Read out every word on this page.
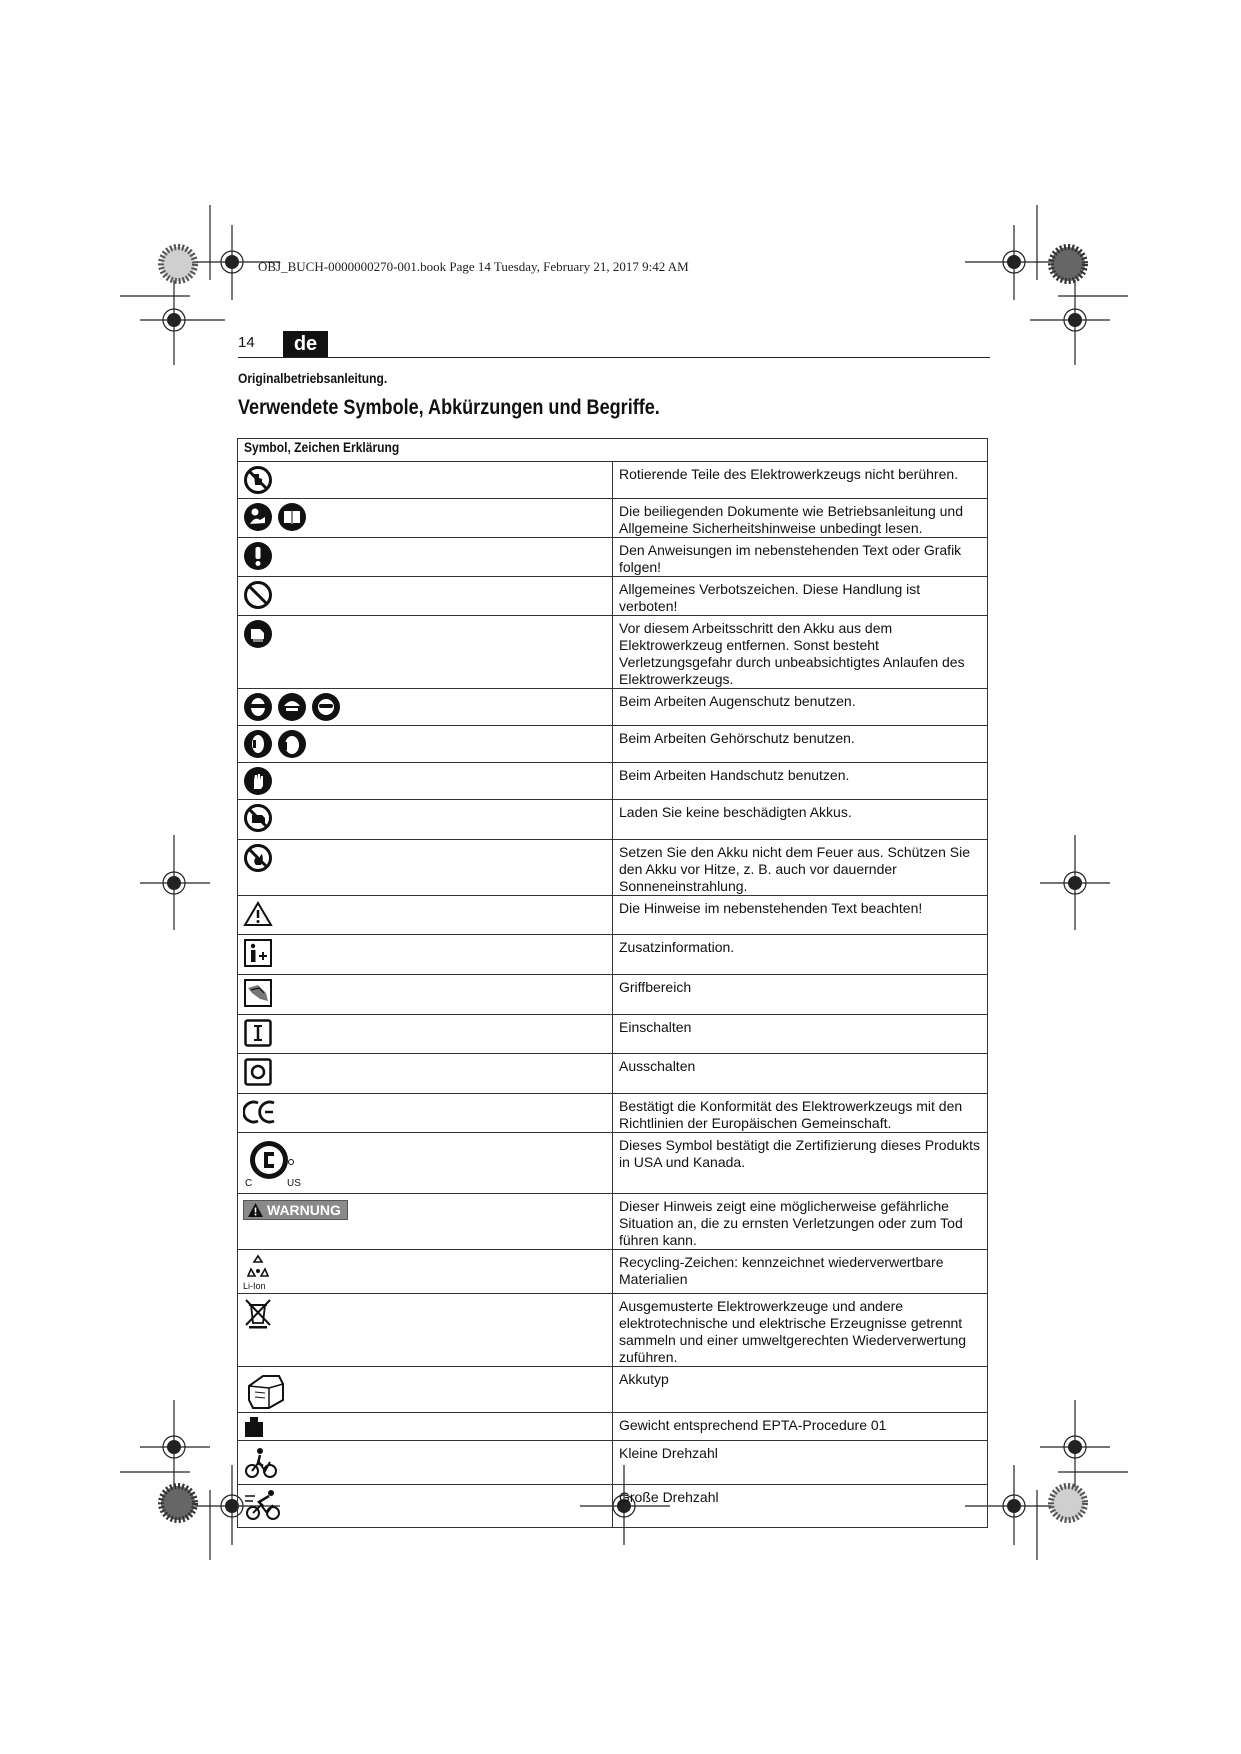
OBJ_BUCH-0000000270-001.book Page 14 Tuesday, February 21, 2017 9:42 AM
14	de
Originalbetriebsanleitung.
Verwendete Symbole, Abkürzungen und Begriffe.
Symbol, Zeichen Erklärung	

	Rotierende Teile des Elektrowerkzeugs nicht berühren.

	Die beiliegenden Dokumente wie Betriebsanleitung und Allgemeine Sicherheitshinweise unbedingt lesen.

	Den Anweisungen im nebenstehenden Text oder Grafik folgen!

	Allgemeines Verbotszeichen. Diese Handlung ist verboten!

	Vor diesem Arbeitsschritt den Akku aus dem Elektrowerkzeug entfernen. Sonst besteht Verletzungsgefahr durch unbeabsichtigtes Anlaufen des Elektrowerkzeugs.

	Beim Arbeiten Augenschutz benutzen.

	Beim Arbeiten Gehörschutz benutzen.

	Beim Arbeiten Handschutz benutzen.

	Laden Sie keine beschädigten Akkus.

	Setzen Sie den Akku nicht dem Feuer aus. Schützen Sie den Akku vor Hitze, z. B. auch vor dauernder Sonneneinstrahlung.

	Die Hinweise im nebenstehenden Text beachten!

	Zusatzinformation.

	Griffbereich

	Einschalten

	Ausschalten

	Bestätigt die Konformität des Elektrowerkzeugs mit den Richtlinien der Europäischen Gemeinschaft.

C US	Dieses Symbol bestätigt die Zertifizierung dieses Produkts in USA und Kanada.

WARNUNG	Dieser Hinweis zeigt eine möglicherweise gefährliche Situation an, die zu ernsten Verletzungen oder zum Tod führen kann.

Li-Ion	Recycling-Zeichen: kennzeichnet wiederverwertbare Materialien

	Ausgemusterte Elektrowerkzeuge und andere elektrotechnische und elektrische Erzeugnisse getrennt sammeln und einer umweltgerechten Wiederverwertung zuführen.

	Akkutyp

	Gewicht entsprechend EPTA-Procedure 01

	Kleine Drehzahl

	Große Drehzahl
